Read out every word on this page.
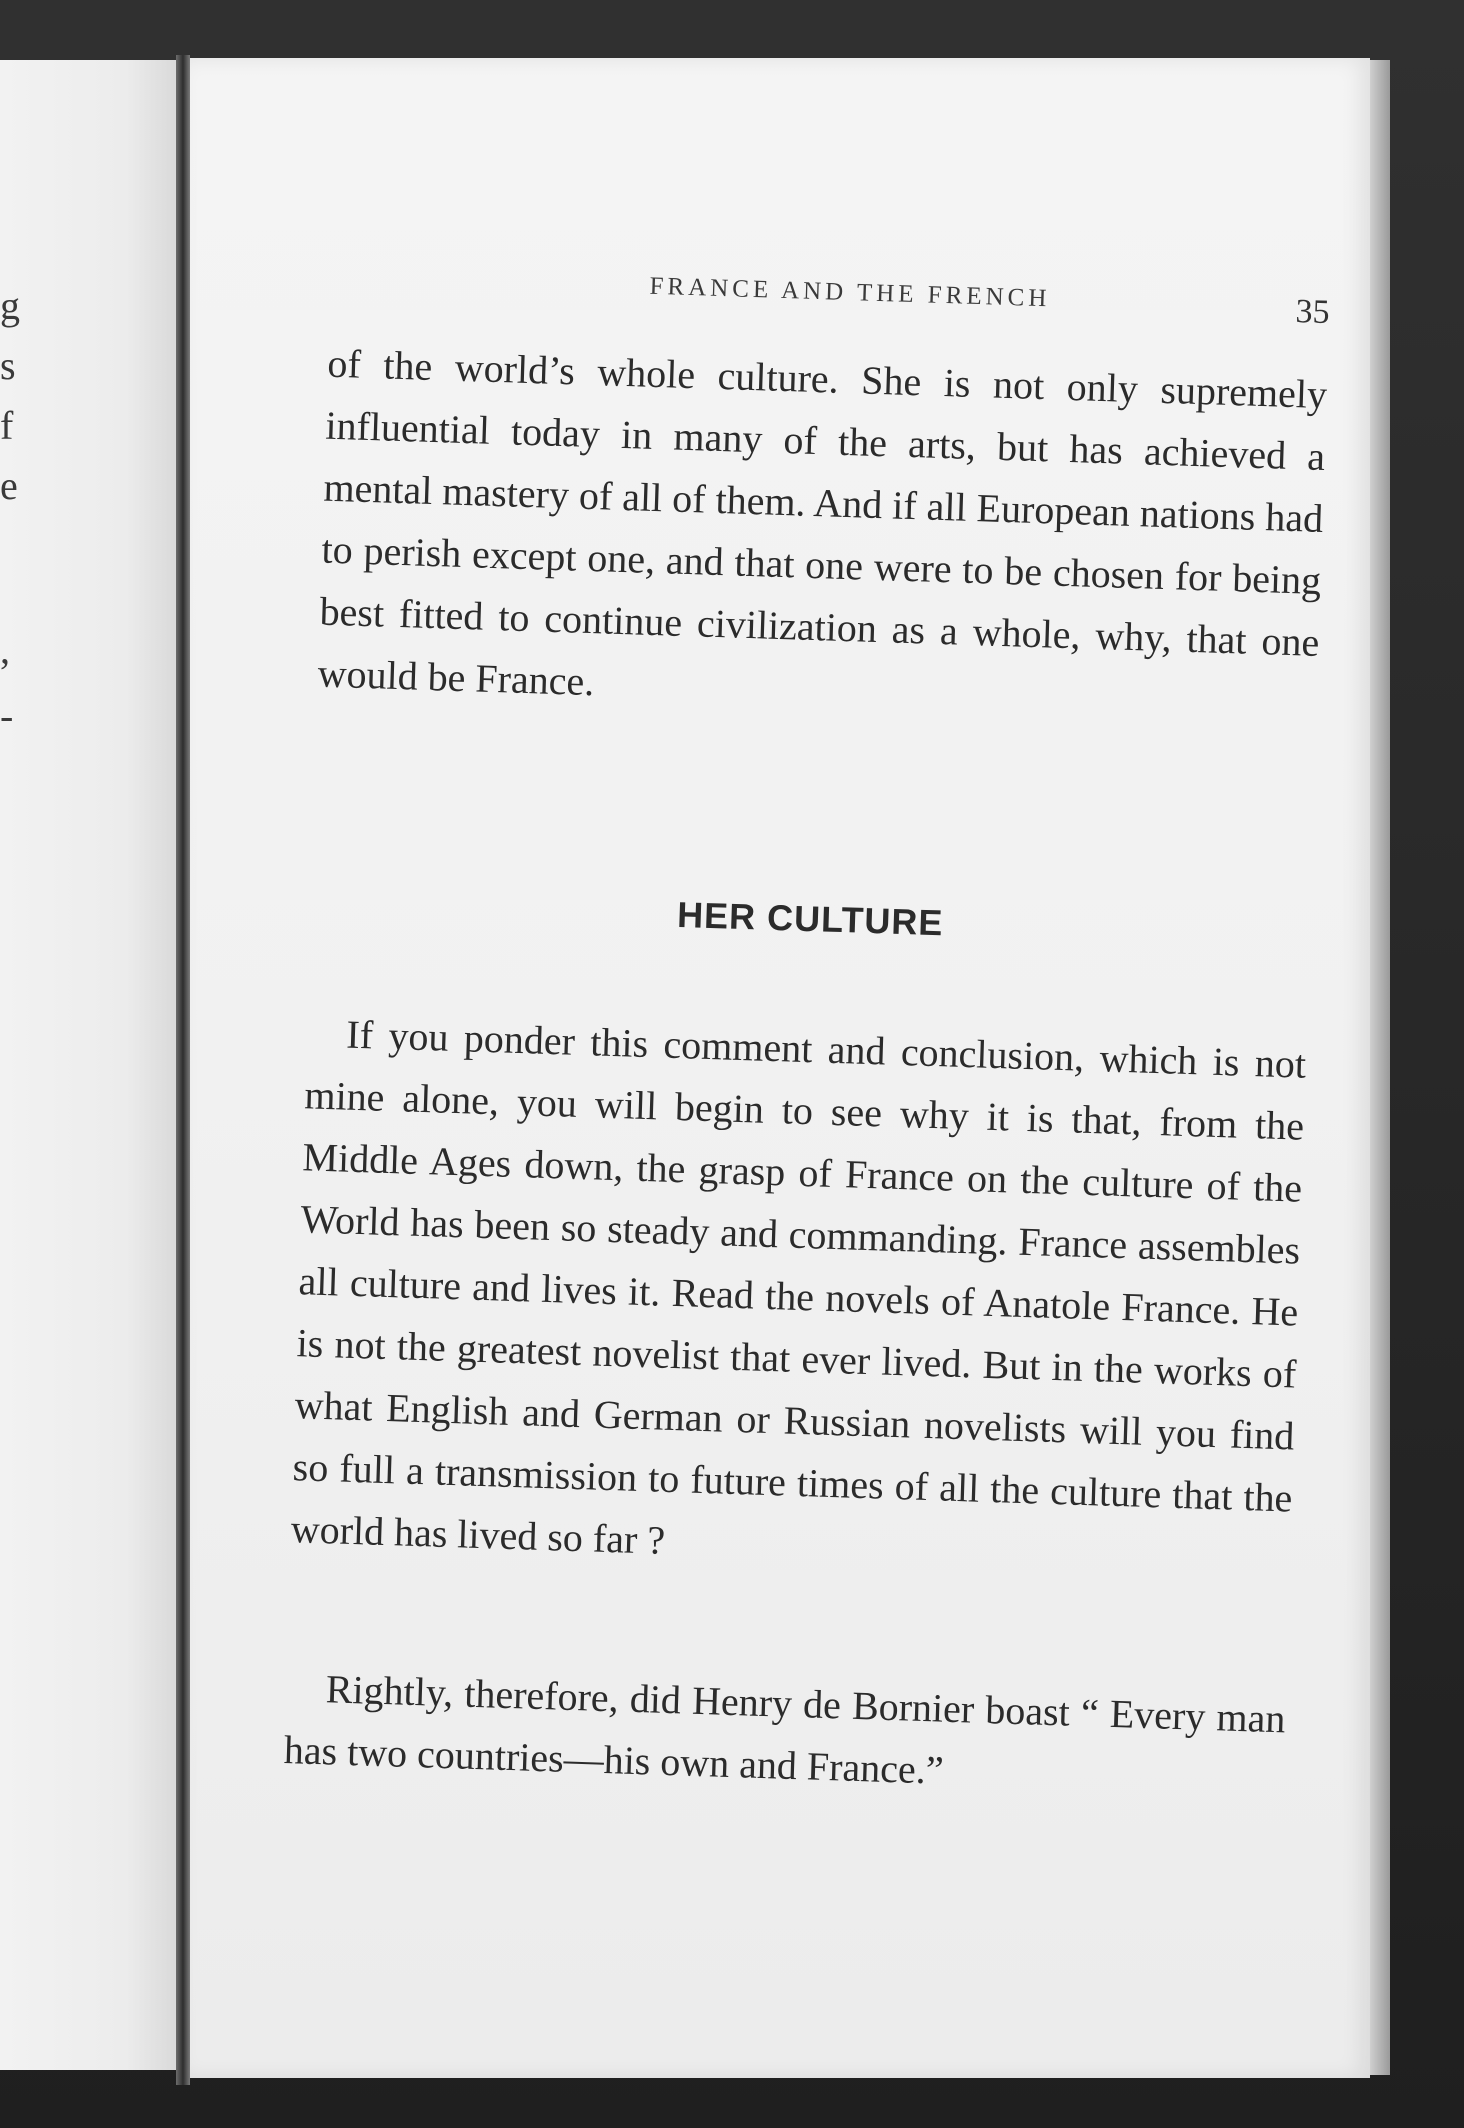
g
s
f
e
,
-
FRANCE AND THE FRENCH	35

of the world’s whole culture. She is not only supremely influential today in many of the arts, but has achieved a mental mastery of all of them. And if all European nations had to perish except one, and that one were to be chosen for being best fitted to continue civilization as a whole, why, that one would be France.

HER CULTURE

If you ponder this comment and conclusion, which is not mine alone, you will begin to see why it is that, from the Middle Ages down, the grasp of France on the culture of the World has been so steady and commanding. France assembles all culture and lives it. Read the novels of Anatole France. He is not the greatest novelist that ever lived. But in the works of what English and German or Russian novelists will you find so full a transmission to future times of all the culture that the world has lived so far ?

Rightly, therefore, did Henry de Bornier boast “ Every man has two countries—his own and France.”
